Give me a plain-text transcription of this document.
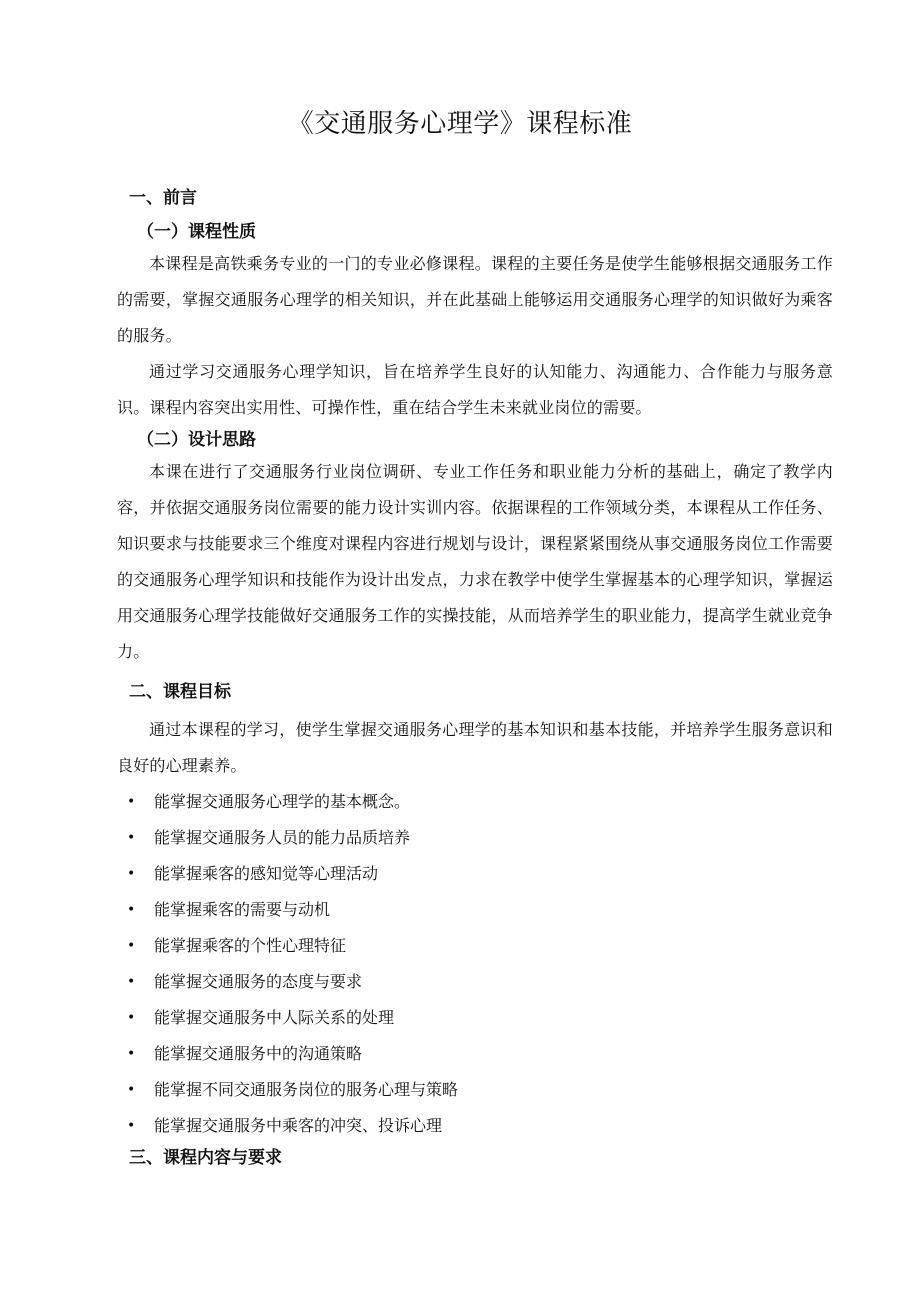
《交通服务心理学》课程标准
一、前言
（一）课程性质

本课程是高铁乘务专业的一门的专业必修课程。课程的主要任务是使学生能够根据交通服务工作的需要，掌握交通服务心理学的相关知识，并在此基础上能够运用交通服务心理学的知识做好为乘客的服务。

通过学习交通服务心理学知识，旨在培养学生良好的认知能力、沟通能力、合作能力与服务意识。课程内容突出实用性、可操作性，重在结合学生未来就业岗位的需要。

（二）设计思路

本课在进行了交通服务行业岗位调研、专业工作任务和职业能力分析的基础上，确定了教学内容，并依据交通服务岗位需要的能力设计实训内容。依据课程的工作领域分类，本课程从工作任务、知识要求与技能要求三个维度对课程内容进行规划与设计，课程紧紧围绕从事交通服务岗位工作需要的交通服务心理学知识和技能作为设计出发点，力求在教学中使学生掌握基本的心理学知识，掌握运用交通服务心理学技能做好交通服务工作的实操技能，从而培养学生的职业能力，提高学生就业竞争力。

二、课程目标

通过本课程的学习，使学生掌握交通服务心理学的基本知识和基本技能，并培养学生服务意识和良好的心理素养。

• 能掌握交通服务心理学的基本概念。
• 能掌握交通服务人员的能力品质培养
• 能掌握乘客的感知觉等心理活动
• 能掌握乘客的需要与动机
• 能掌握乘客的个性心理特征
• 能掌握交通服务的态度与要求
• 能掌握交通服务中人际关系的处理
• 能掌握交通服务中的沟通策略
• 能掌握不同交通服务岗位的服务心理与策略
• 能掌握交通服务中乘客的冲突、投诉心理
三、课程内容与要求
